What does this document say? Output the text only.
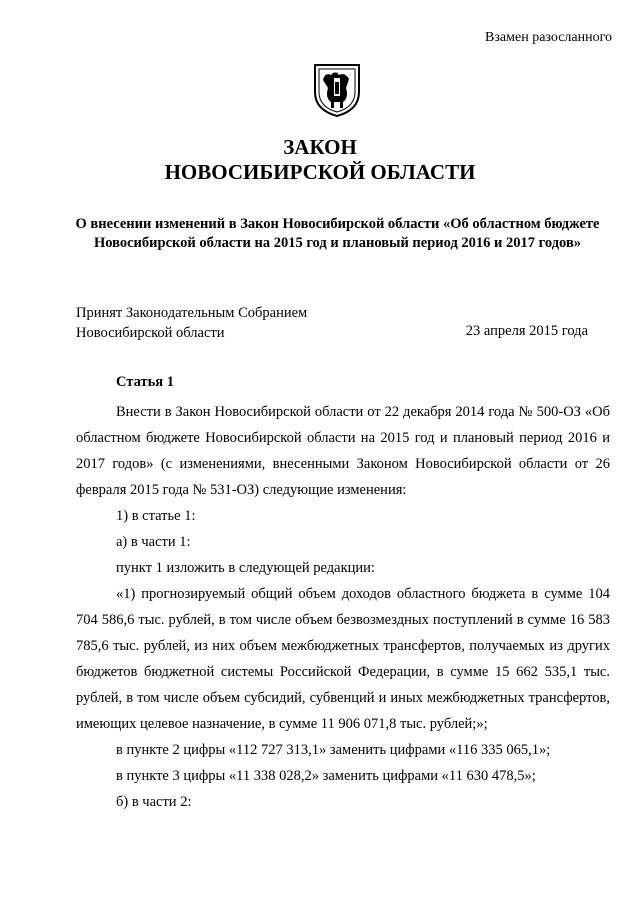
Взамен разосланного
ЗАКОН
НОВОСИБИРСКОЙ ОБЛАСТИ
О внесении изменений в Закон Новосибирской области «Об областном бюджете Новосибирской области на 2015 год и плановый период 2016 и 2017 годов»
Принят Законодательным Собранием
Новосибирской области	23 апреля 2015 года
Статья 1

Внести в Закон Новосибирской области от 22 декабря 2014 года № 500-ОЗ «Об областном бюджете Новосибирской области на 2015 год и плановый период 2016 и 2017 годов» (с изменениями, внесенными Законом Новосибирской области от 26 февраля 2015 года № 531-ОЗ) следующие изменения:

1) в статье 1:

а) в части 1:

пункт 1 изложить в следующей редакции:

«1) прогнозируемый общий объем доходов областного бюджета в сумме 104 704 586,6 тыс. рублей, в том числе объем безвозмездных поступлений в сумме 16 583 785,6 тыс. рублей, из них объем межбюджетных трансфертов, получаемых из других бюджетов бюджетной системы Российской Федерации, в сумме 15 662 535,1 тыс. рублей, в том числе объем субсидий, субвенций и иных межбюджетных трансфертов, имеющих целевое назначение, в сумме 11 906 071,8 тыс. рублей;»;

в пункте 2 цифры «112 727 313,1» заменить цифрами «116 335 065,1»;

в пункте 3 цифры «11 338 028,2» заменить цифрами «11 630 478,5»;

б) в части 2:
